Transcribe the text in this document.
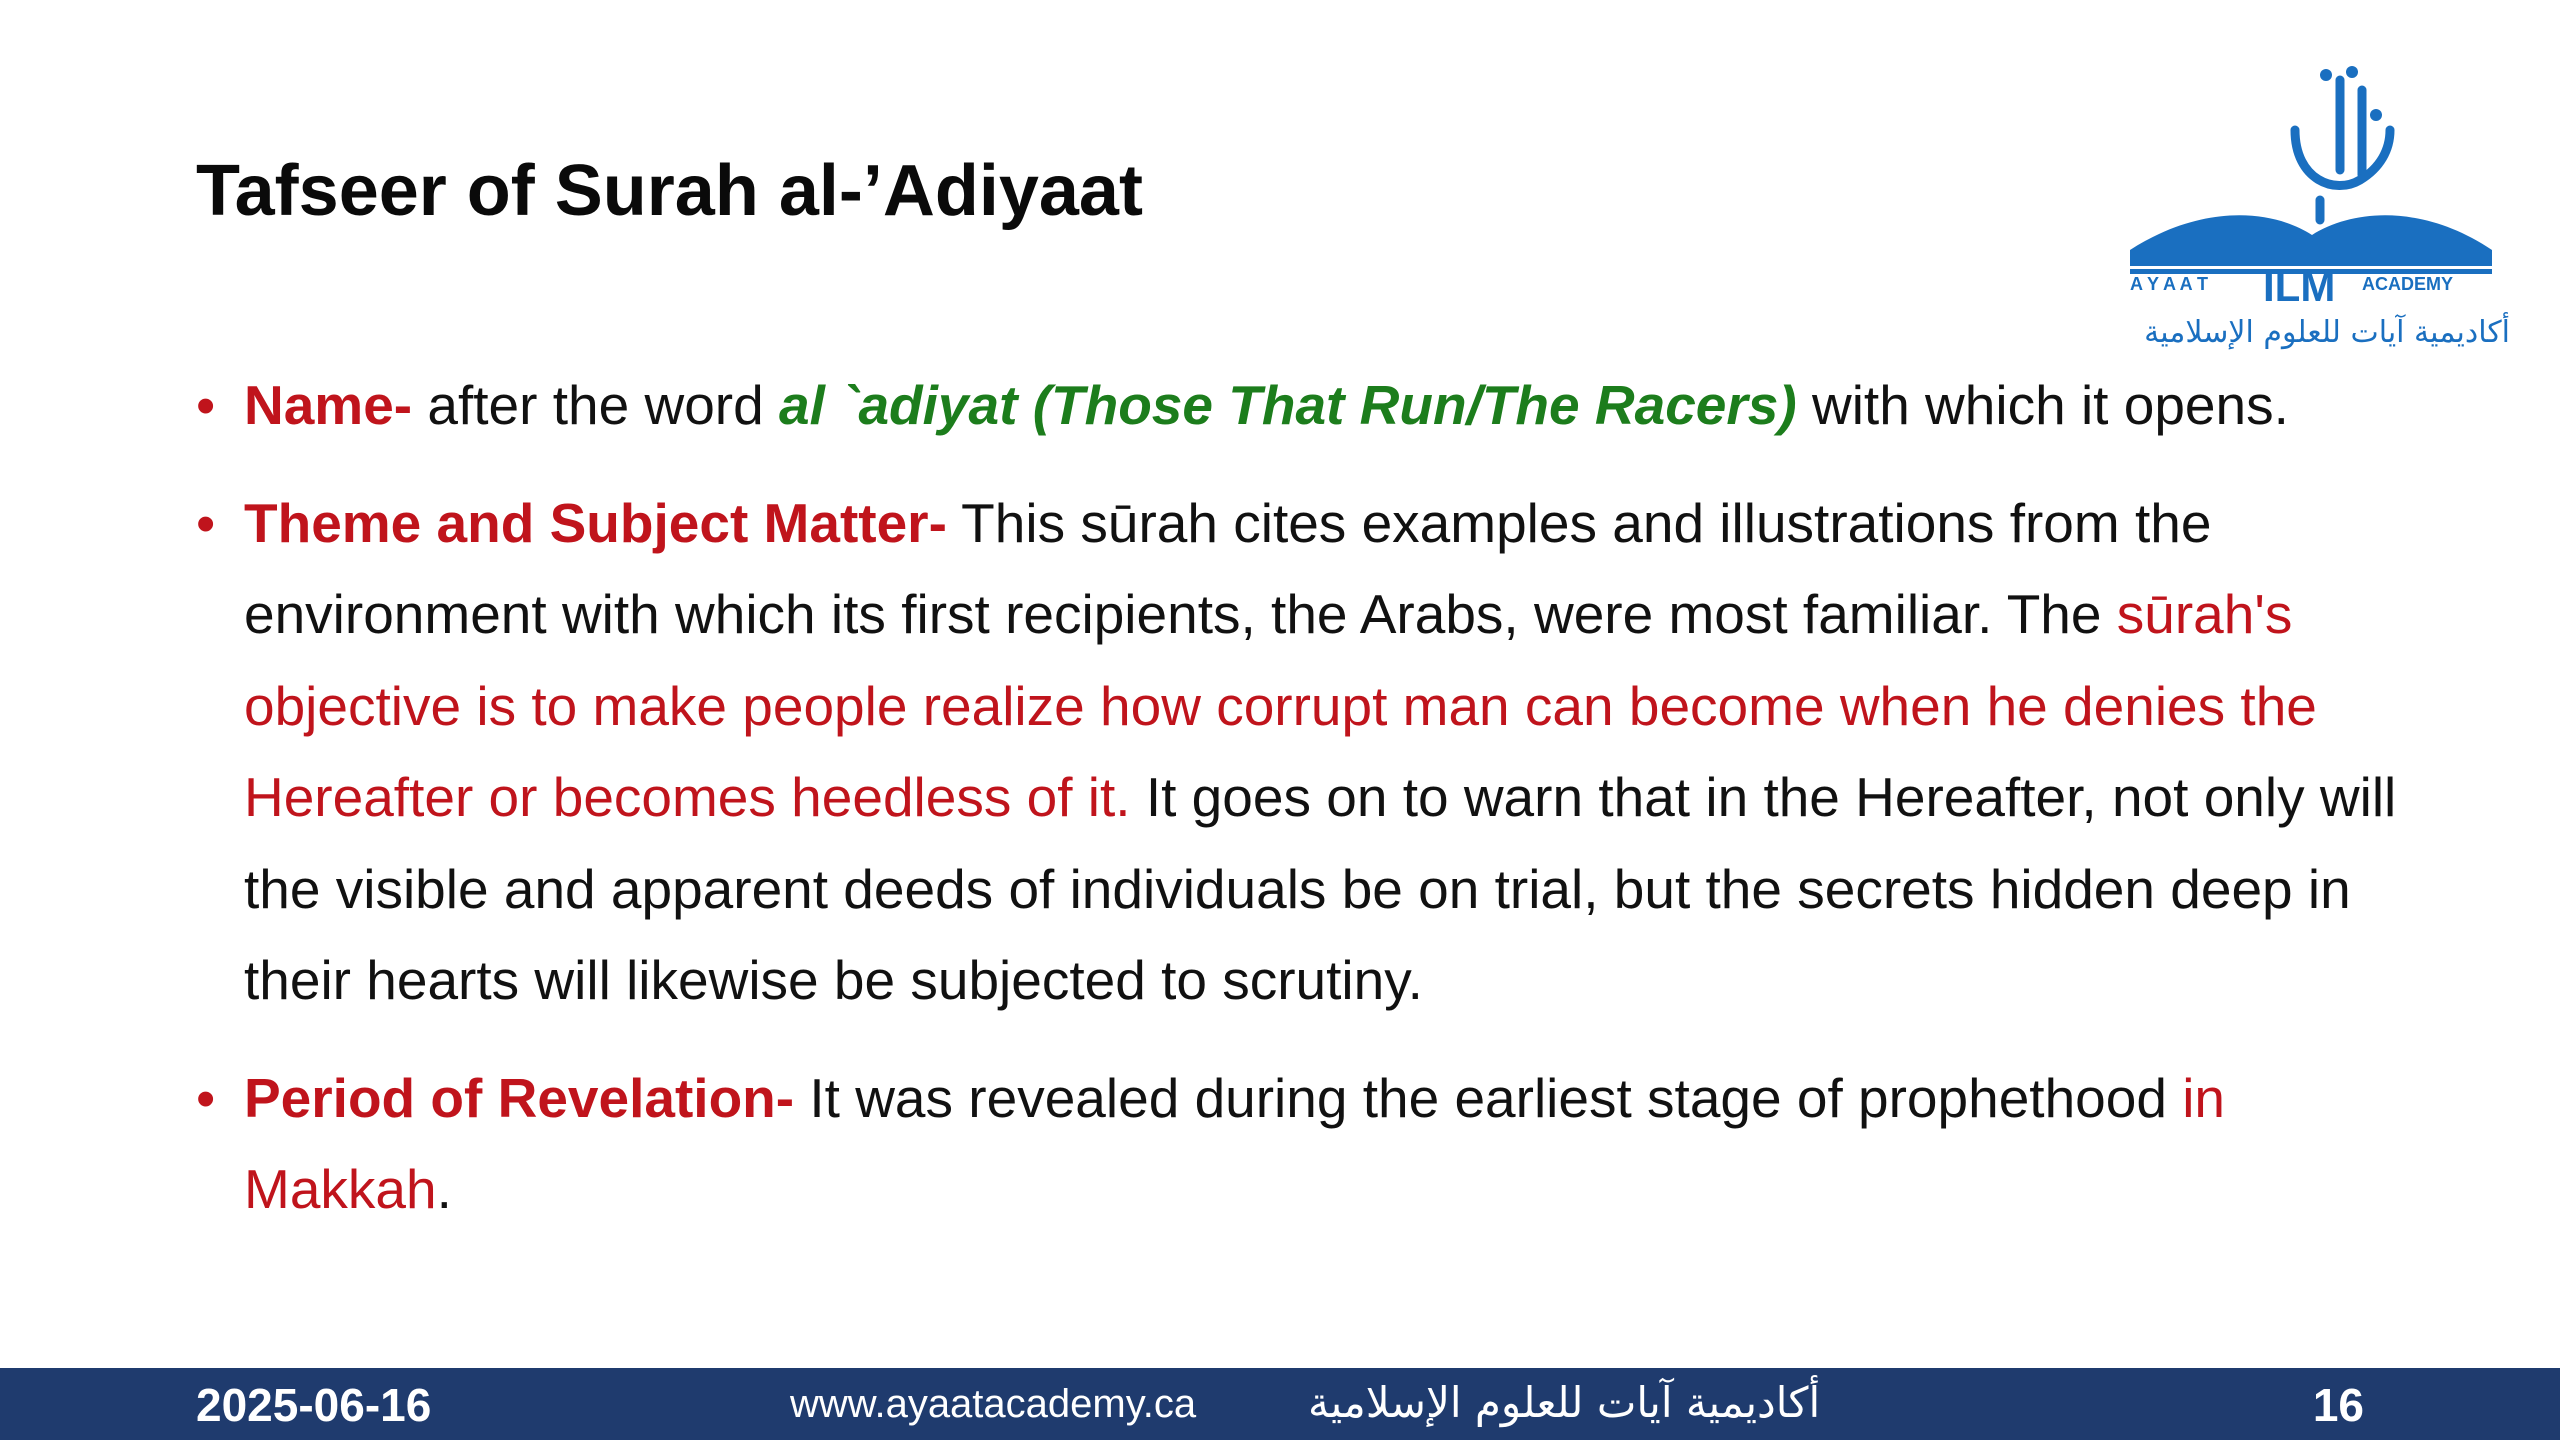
Tafseer of Surah al-’Adiyaat
A Y A A T ILM ACADEMY
أكاديمية آيات للعلوم الإسلامية
• Name- after the word al `adiyat (Those That Run/The Racers) with which it opens.
• Theme and Subject Matter- This sūrah cites examples and illustrations from the environment with which its first recipients, the Arabs, were most familiar. The sūrah's objective is to make people realize how corrupt man can become when he denies the Hereafter or becomes heedless of it. It goes on to warn that in the Hereafter, not only will the visible and apparent deeds of individuals be on trial, but the secrets hidden deep in their hearts will likewise be subjected to scrutiny.
• Period of Revelation- It was revealed during the earliest stage of prophethood in Makkah.
2025-06-16	www.ayaatacademy.ca	أكاديمية آيات للعلوم الإسلامية	16
